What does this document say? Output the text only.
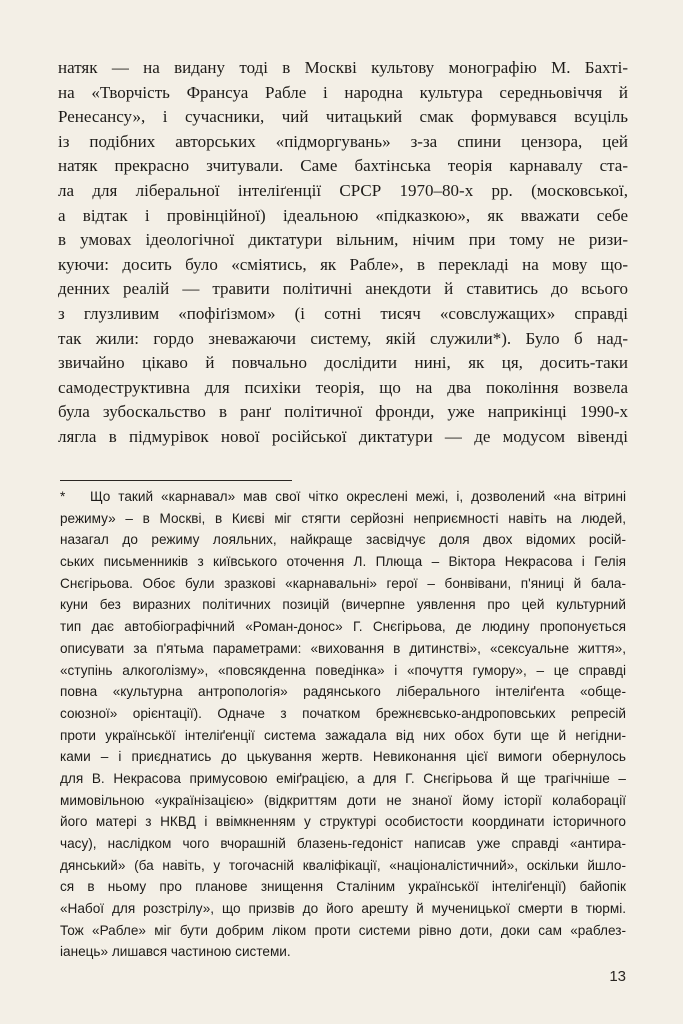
натяк — на видану тоді в Москві культову монографію М. Бахті-
на «Творчість Франсуа Рабле і народна культура середньовіччя й
Ренесансу», і сучасники, чий читацький смак формувався всуціль
із подібних авторських «підморгувань» з-за спини цензора, цей
натяк прекрасно зчитували. Саме бахтінська теорія карнавалу ста-
ла для ліберальної інтеліґенції СРСР 1970–80-х рр. (московської,
а відтак і провінційної) ідеальною «підказкою», як вважати себе
в умовах ідеологічної диктатури вільним, нічим при тому не ризи-
куючи: досить було «сміятись, як Рабле», в перекладі на мову що-
денних реалій — травити політичні анекдоти й ставитись до всього
з глузливим «пофіґізмом» (і сотні тисяч «совслужащих» справді
так жили: гордо зневажаючи систему, якій служили*). Було б над-
звичайно цікаво й повчально дослідити нині, як ця, досить-таки
самодеструктивна для психіки теорія, що на два покоління возвела
була зубоскальство в ранґ політичної фронди, уже наприкінці 1990-х
лягла в підмурівок нової російської диктатури — де модусом вівенді
* Що такий «карнавал» мав свої чітко окреслені межі, і, дозволений «на вітрині
режиму» – в Москві, в Києві міг стягти серйозні неприємності навіть на людей,
назагал до режиму лояльних, найкраще засвідчує доля двох відомих росій-
ських письменників з київського оточення Л. Плюща – Віктора Некрасова і Гелія
Снєгірьова. Обоє були зразкові «карнавальні» герої – бонвівани, п'яниці й бала-
куни без виразних політичних позицій (вичерпне уявлення про цей культурний
тип дає автобіографічний «Роман-донос» Г. Снєгірьова, де людину пропонується
описувати за п'ятьма параметрами: «виховання в дитинстві», «сексуальне життя»,
«ступінь алкоголізму», «повсякденна поведінка» і «почуття гумору», – це справді
повна «культурна антропологія» радянського ліберального інтеліґента «обще-
союзної» орієнтації). Одначе з початком брежнєвсько-андроповських репресій
проти українськӧї інтеліґенції система зажадала від них обох бути ще й негідни-
ками – і приєднатись до цькування жертв. Невиконання цієї вимоги обернулось
для В. Некрасова примусовою еміґрацією, а для Г. Снєгірьова й ще трагічніше –
мимовільною «українізацією» (відкриттям доти не знаної йому історії колаборації
його матері з НКВД і ввімкненням у структурі особистости координати історичного
часу), наслідком чого вчорашній блазень-гедоніст написав уже справді «антира-
дянський» (ба навіть, у тогочасній кваліфікації, «націоналістичний», оскільки йшло-
ся в ньому про планове знищення Сталіним українськӧї інтеліґенції) байопік
«Набої для розстрілу», що призвів до його арешту й мученицької смерти в тюрмі.
Тож «Рабле» міг бути добрим ліком проти системи рівно доти, доки сам «раблез-
іанець» лишався частиною системи.
13
